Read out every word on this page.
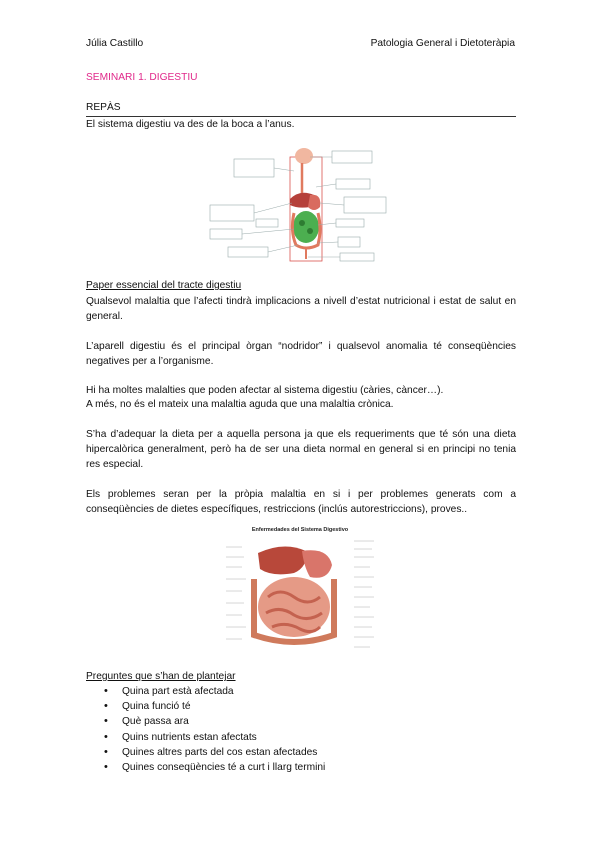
Júlia Castillo	Patologia General i Dietoteràpia
SEMINARI 1. DIGESTIU
REPÀS
El sistema digestiu va des de la boca a l’anus.
Paper essencial del tracte digestiu
Qualsevol malaltia que l’afecti tindrà implicacions a nivell d’estat nutricional i estat de salut en general.
L’aparell digestiu és el principal òrgan “nodridor” i qualsevol anomalia té conseqüències negatives per a l’organisme.
Hi ha moltes malalties que poden afectar al sistema digestiu (càries, càncer…).
A més, no és el mateix una malaltia aguda que una malaltia crònica.
S’ha d’adequar la dieta per a aquella persona ja que els requeriments que té són una dieta hipercalòrica generalment, però ha de ser una dieta normal en general si en principi no tenia res especial.
Els problemes seran per la pròpia malaltia en si i per problemes generats com a conseqüències de dietes específiques, restriccions (inclús autorestriccions), proves..
Enfermedades del Sistema Digestivo
Preguntes que s’han de plantejar
• Quina part està afectada
• Quina funció té
• Què passa ara
• Quins nutrients estan afectats
• Quines altres parts del cos estan afectades
• Quines conseqüències té a curt i llarg termini
